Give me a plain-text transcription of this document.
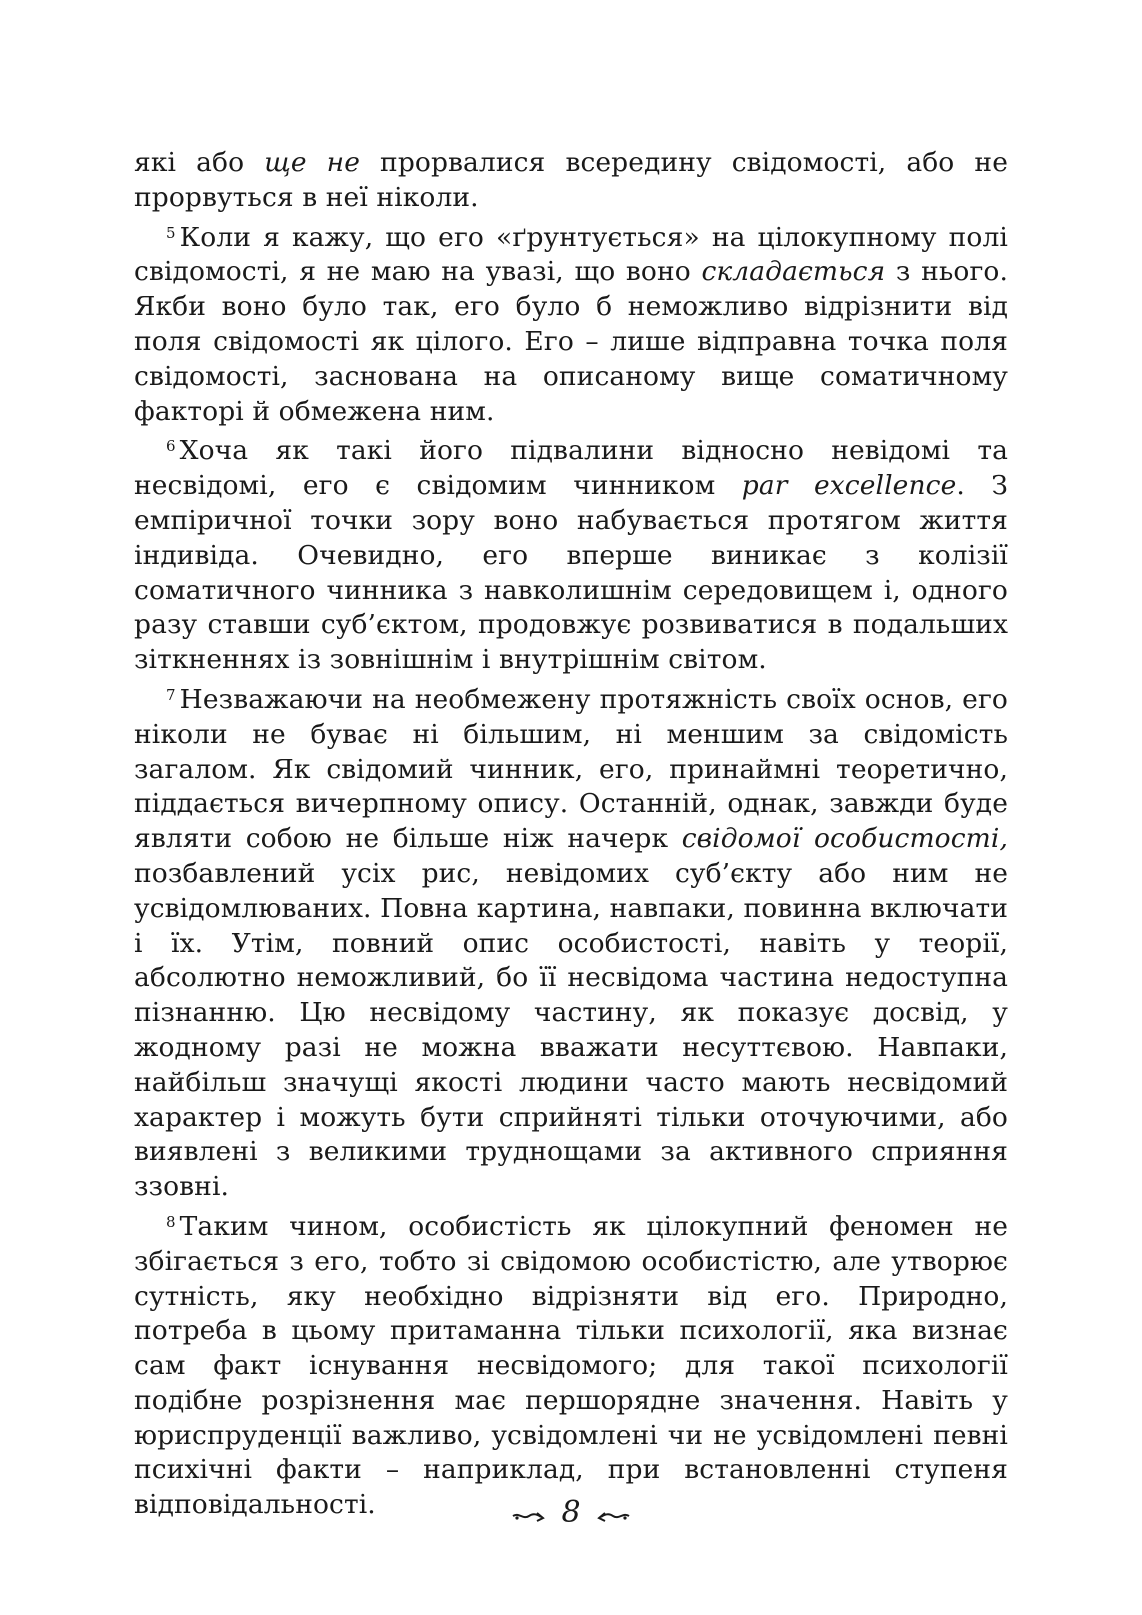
які або ще не прорвалися всередину свідомості, або не прорвуться в неї ніколи.

$^5$ Коли я кажу, що его «ґрунтується» на цілокупному полі свідомості, я не маю на увазі, що воно складається з нього. Якби воно було так, его було б неможливо відрізнити від поля свідомості як цілого. Его – лише відправна точка поля свідомості, заснована на описаному вище соматичному факторі й обмежена ним.

$^6$ Хоча як такі його підвалини відносно невідомі та несвідомі, его є свідомим чинником par excellence. З емпіричної точки зору воно набувається протягом життя індивіда. Очевидно, его вперше виникає з колізії соматичного чинника з навколишнім середовищем і, одного разу ставши суб’єктом, продовжує розвиватися в подальших зіткненнях із зовнішнім і внутрішнім світом.

$^7$ Незважаючи на необмежену протяжність своїх основ, его ніколи не буває ні більшим, ні меншим за свідомість загалом. Як свідомий чинник, его, принаймні теоретично, піддається вичерпному опису. Останній, однак, завжди буде являти собою не більше ніж начерк свідомої особистості, позбавлений усіх рис, невідомих суб’єкту або ним не усвідомлюваних. Повна картина, навпаки, повинна включати і їх. Утім, повний опис особистості, навіть у теорії, абсолютно неможливий, бо її несвідома частина недоступна пізнанню. Цю несвідому частину, як показує досвід, у жодному разі не можна вважати несуттєвою. Навпаки, найбільш значущі якості людини часто мають несвідомий характер і можуть бути сприйняті тільки оточуючими, або виявлені з великими труднощами за активного сприяння ззовні.

$^8$ Таким чином, особистість як цілокупний феномен не збігається з его, тобто зі свідомою особистістю, але утворює сутність, яку необхідно відрізняти від его. Природно, потреба в цьому притаманна тільки психології, яка визнає сам факт існування несвідомого; для такої психології подібне розрізнення має першорядне значення. Навіть у юриспруденції важливо, усвідомлені чи не усвідомлені певні психічні факти – наприклад, при встановленні ступеня відповідальності.	8
